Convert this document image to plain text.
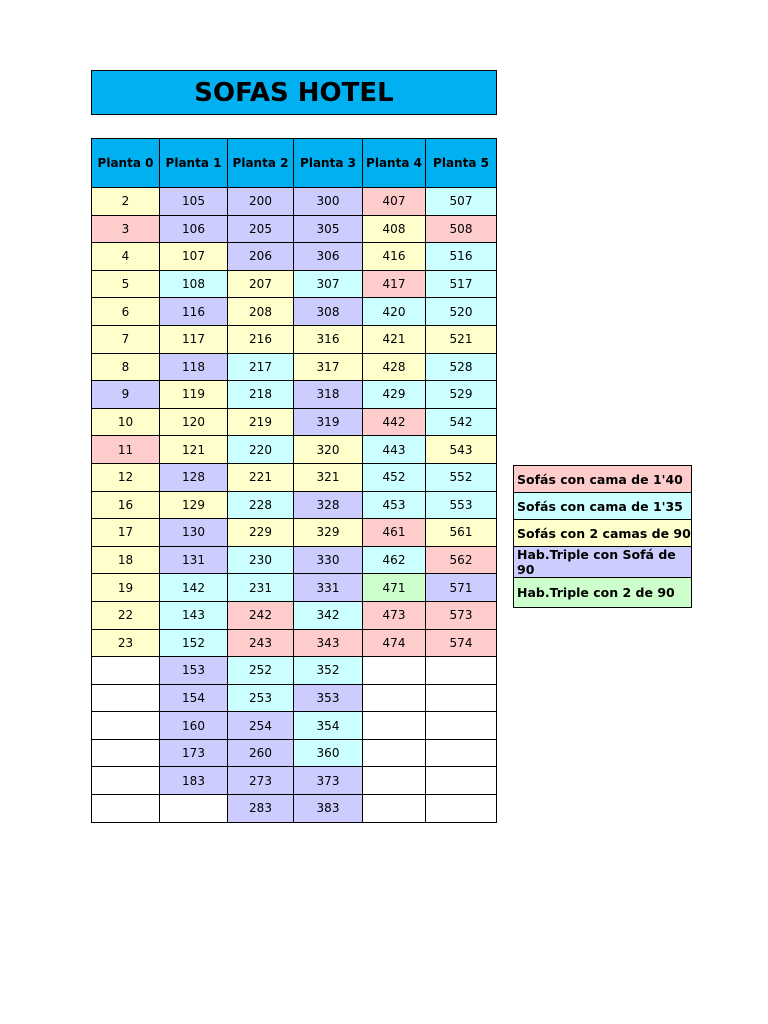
SOFAS HOTEL
Planta 0	Planta 1	Planta 2	Planta 3	Planta 4	Planta 5
2	105	200	300	407	507
3	106	205	305	408	508
4	107	206	306	416	516
5	108	207	307	417	517
6	116	208	308	420	520
7	117	216	316	421	521
8	118	217	317	428	528
9	119	218	318	429	529
10	120	219	319	442	542
11	121	220	320	443	543
12	128	221	321	452	552
16	129	228	328	453	553
17	130	229	329	461	561
18	131	230	330	462	562
19	142	231	331	471	571
22	143	242	342	473	573
23	152	243	343	474	574
	153	252	352		
	154	253	353		
	160	254	354		
	173	260	360		
	183	273	373		
		283	383		
Sofás con cama de 1'40
Sofás con cama de 1'35
Sofás con 2 camas de 90
Hab.Triple con Sofá de 90
Hab.Triple con 2 de 90
